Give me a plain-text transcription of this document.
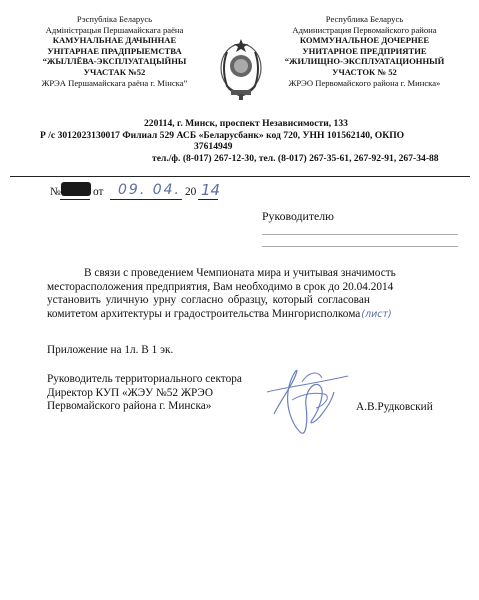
Рэспубліка Беларусь
Адміністрацыя Першамайскага раёна
КАМУНАЛЬНАЕ ДАЧЫННАЕ
УНІТАРНАЕ ПРАДПРЫЕМСТВА
“ЖЫЛЛЁВА-ЭКСПЛУАТАЦЫЙНЫ
УЧАСТАК №52
ЖРЭА Першамайскага раёна г. Мінска”
Республика Беларусь
Администрация Первомайского района
КОММУНАЛЬНОЕ ДОЧЕРНЕЕ
УНИТАРНОЕ ПРЕДПРИЯТИЕ
“ЖИЛИЩНО-ЭКСПЛУАТАЦИОННЫЙ
УЧАСТОК № 52
ЖРЭО Первомайского района г. Минска»
220114, г. Минск, проспект Независимости, 133
Р /с 3012023130017 Филиал 529 АСБ «Беларусбанк» код 720, УНН 101562140, ОКПО
37614949
тел./ф. (8-017) 267-12-30, тел. (8-017) 267-35-61, 267-92-91, 267-34-88
№	от 09. 04. 20 14
Руководителю
В связи с проведением Чемпионата мира и учитывая значимость
месторасположения предприятия, Вам необходимо в срок до 20.04.2014
установить уличную урну согласно образцу, который согласован
комитетом архитектуры и градостроительства Мингорисполкома(лист)
Приложение на 1л. В 1 эк.
Руководитель территориального сектора
Директор КУП «ЖЭУ №52 ЖРЭО
Первомайского района г. Минска»	А.В.Рудковский
